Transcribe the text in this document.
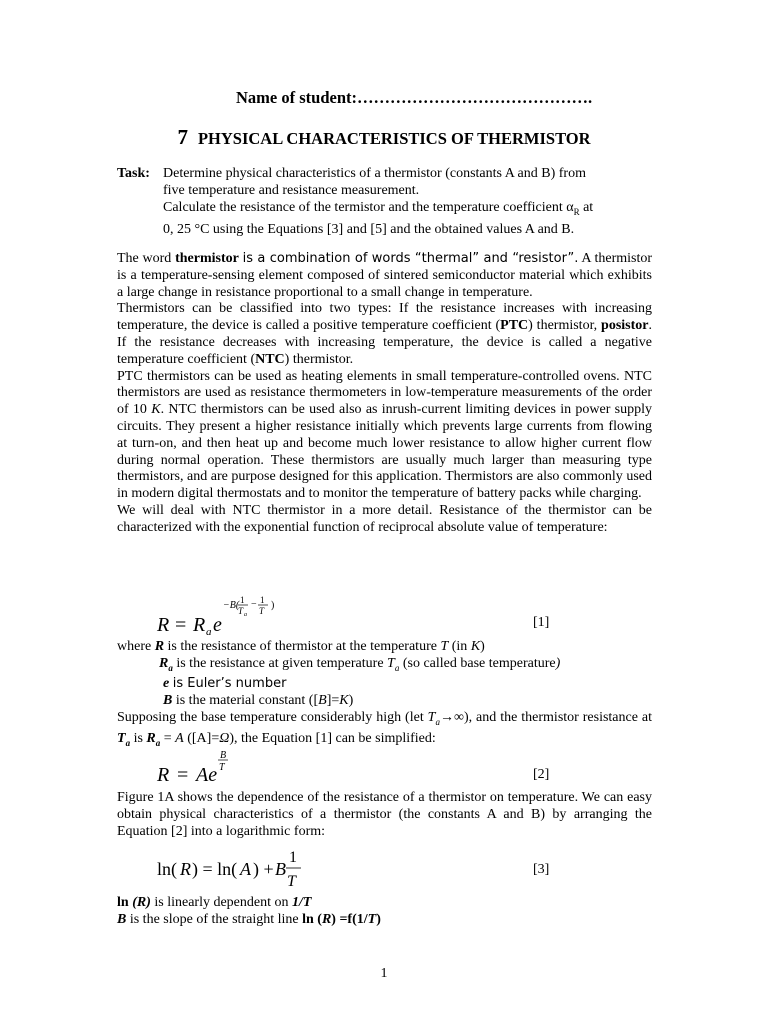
Name of student:…………………………………….
7 PHYSICAL CHARACTERISTICS OF THERMISTOR
Task: Determine physical characteristics of a thermistor (constants A and B) from
five temperature and resistance measurement.
Calculate the resistance of the termistor and the temperature coefficient $\alpha_R$ at
0, 25 °C using the Equations [3] and [5] and the obtained values A and B.

The word thermistor is a combination of words “thermal” and “resistor”. A thermistor is a temperature-sensing element composed of sintered semiconductor material which exhibits a large change in resistance proportional to a small change in temperature.

Thermistors can be classified into two types: If the resistance increases with increasing temperature, the device is called a positive temperature coefficient (PTC) thermistor, posistor. If the resistance decreases with increasing temperature, the device is called a negative temperature coefficient (NTC) thermistor.

PTC thermistors can be used as heating elements in small temperature-controlled ovens. NTC thermistors are used as resistance thermometers in low-temperature measurements of the order of 10 K. NTC thermistors can be used also as inrush-current limiting devices in power supply circuits. They present a higher resistance initially which prevents large currents from flowing at turn-on, and then heat up and become much lower resistance to allow higher current flow during normal operation. These thermistors are usually much larger than measuring type thermistors, and are purpose designed for this application. Thermistors are also commonly used in modern digital thermostats and to monitor the temperature of battery packs while charging.

We will deal with NTC thermistor in a more detail. Resistance of the thermistor can be characterized with the exponential function of reciprocal absolute value of temperature:

R = R a e
−B( 1
T a
− 1
T )
[1]

where R is the resistance of thermistor at the temperature T (in K)

$R_a$ is the resistance at given temperature $T_a$ (so called base temperature)

e is Euler’s number

B is the material constant ([B]=K)

Supposing the base temperature considerably high (let $T_a\to\infty$), and the thermistor resistance at $T_a$ is $R_a = A$ ([A]=Ω), the Equation [1] can be simplified:

R = Ae
B
T	[2]

Figure 1A shows the dependence of the resistance of a thermistor on temperature. We can easy obtain physical characteristics of a thermistor (the constants A and B) by arranging the Equation [2] into a logarithmic form:

ln( R ) = ln( A ) + B
1
T
[3]

ln (R) is linearly dependent on 1/T

B is the slope of the straight line ln (R) =f(1/T)

1
